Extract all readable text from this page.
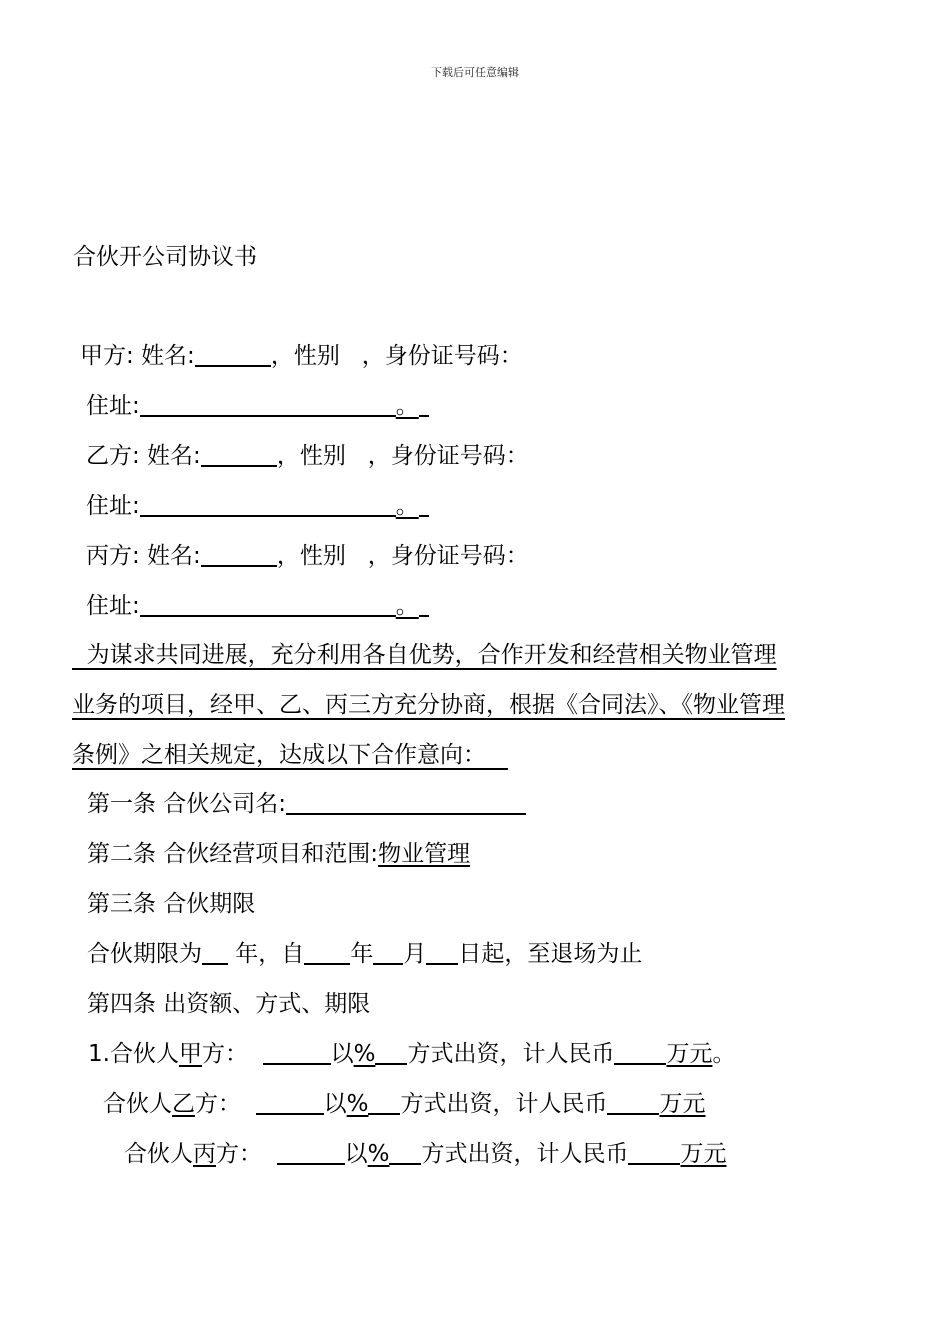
下载后可任意编辑
合伙开公司协议书
甲方: 姓名:	，性别 ，身份证号码：
住址:	。
乙方: 姓名:	，性别 ，身份证号码：
住址:	。
丙方: 姓名:	，性别 ，身份证号码：
住址:	。
为谋求共同进展，充分利用各自优势，合作开发和经营相关物业管理
业务的项目，经甲、乙、丙三方充分协商，根据《合同法》、《物业管理
条例》之相关规定，达成以下合作意向：
第一条 合伙公司名:
第二条 合伙经营项目和范围:物业管理
第三条 合伙期限
合伙期限为 年，自 年 月 日起，至退场为止
第四条 出资额、方式、期限
1.合伙人甲方：	以% 方式出资，计人民币 万元。
合伙人乙方：	以% 方式出资，计人民币 万元
合伙人丙方：	以% 方式出资，计人民币 万元
